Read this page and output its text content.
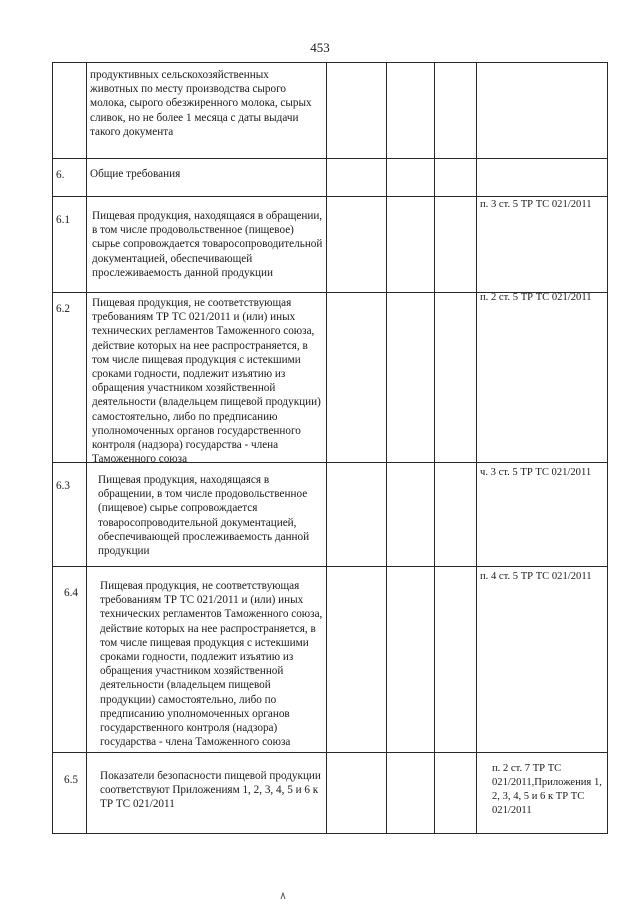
453
продуктивных сельскохозяйственных животных по месту производства сырого молока, сырого обезжиренного молока, сырых сливок, но не более 1 месяца с даты выдачи такого документа
6. Общие требования
6.1 Пищевая продукция, находящаяся в обращении, в том числе продовольственное (пищевое) сырье сопровождается товаросопроводительной документацией, обеспечивающей прослеживаемость данной продукции
п. 3 ст. 5 ТР ТС 021/2011
6.2 Пищевая продукция, не соответствующая требованиям ТР ТС 021/2011 и (или) иных технических регламентов Таможенного союза, действие которых на нее распространяется, в том числе пищевая продукция с истекшими сроками годности, подлежит изъятию из обращения участником хозяйственной деятельности (владельцем пищевой продукции) самостоятельно, либо по предписанию уполномоченных органов государственного контроля (надзора) государства - члена Таможенного союза
п. 2 ст. 5 ТР ТС 021/2011
6.3	Пищевая продукция, находящаяся в обращении, в том числе продовольственное (пищевое) сырье сопровождается товаросопроводительной документацией, обеспечивающей прослеживаемость данной продукции
ч. 3 ст. 5 ТР ТС 021/2011
6.4
Пищевая продукция, не соответствующая требованиям ТР ТС 021/2011 и (или) иных технических регламентов Таможенного союза, действие которых на нее распространяется, в том числе пищевая продукция с истекшими сроками годности, подлежит изъятию из обращения участником хозяйственной деятельности (владельцем пищевой продукции) самостоятельно, либо по предписанию уполномоченных органов государственного контроля (надзора) государства - члена Таможенного союза
п. 4 ст. 5 ТР ТС 021/2011
6.5 Показатели безопасности пищевой продукции соответствуют Приложениям 1, 2, 3, 4, 5 и 6 к ТР ТС 021/2011
п. 2 ст. 7 ТР ТС 021/2011,Приложения 1, 2, 3, 4, 5 и 6 к ТР ТС 021/2011
